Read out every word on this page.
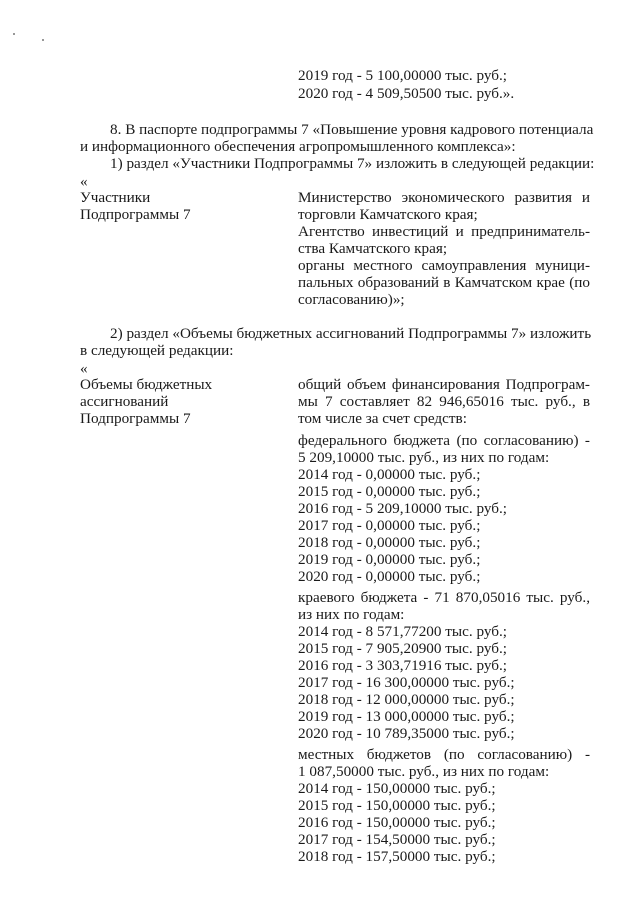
2019 год - 5 100,00000 тыс. руб.;
2020 год - 4 509,50500 тыс. руб.».
8. В паспорте подпрограммы 7 «Повышение уровня кадрового потенциала
и информационного обеспечения агропромышленного комплекса»:
1) раздел «Участники Подпрограммы 7» изложить в следующей редакции:
«
Участники
Подпрограммы 7
Министерство экономического развития и
торговли Камчатского края;
Агентство инвестиций и предприниматель-
ства Камчатского края;
органы местного самоуправления муници-
пальных образований в Камчатском крае (по
согласованию)»;
2) раздел «Объемы бюджетных ассигнований Подпрограммы 7» изложить
в следующей редакции:
«
Объемы бюджетных
ассигнований
Подпрограммы 7
общий объем финансирования Подпрограм-
мы 7 составляет 82 946,65016 тыс. руб., в
том числе за счет средств:
федерального бюджета (по согласованию) -
5 209,10000 тыс. руб., из них по годам:
2014 год - 0,00000 тыс. руб.;
2015 год - 0,00000 тыс. руб.;
2016 год - 5 209,10000 тыс. руб.;
2017 год - 0,00000 тыс. руб.;
2018 год - 0,00000 тыс. руб.;
2019 год - 0,00000 тыс. руб.;
2020 год - 0,00000 тыс. руб.;
краевого бюджета - 71 870,05016 тыс. руб.,
из них по годам:
2014 год - 8 571,77200 тыс. руб.;
2015 год - 7 905,20900 тыс. руб.;
2016 год - 3 303,71916 тыс. руб.;
2017 год - 16 300,00000 тыс. руб.;
2018 год - 12 000,00000 тыс. руб.;
2019 год - 13 000,00000 тыс. руб.;
2020 год - 10 789,35000 тыс. руб.;
местных бюджетов (по согласованию) -
1 087,50000 тыс. руб., из них по годам:
2014 год - 150,00000 тыс. руб.;
2015 год - 150,00000 тыс. руб.;
2016 год - 150,00000 тыс. руб.;
2017 год - 154,50000 тыс. руб.;
2018 год - 157,50000 тыс. руб.;
